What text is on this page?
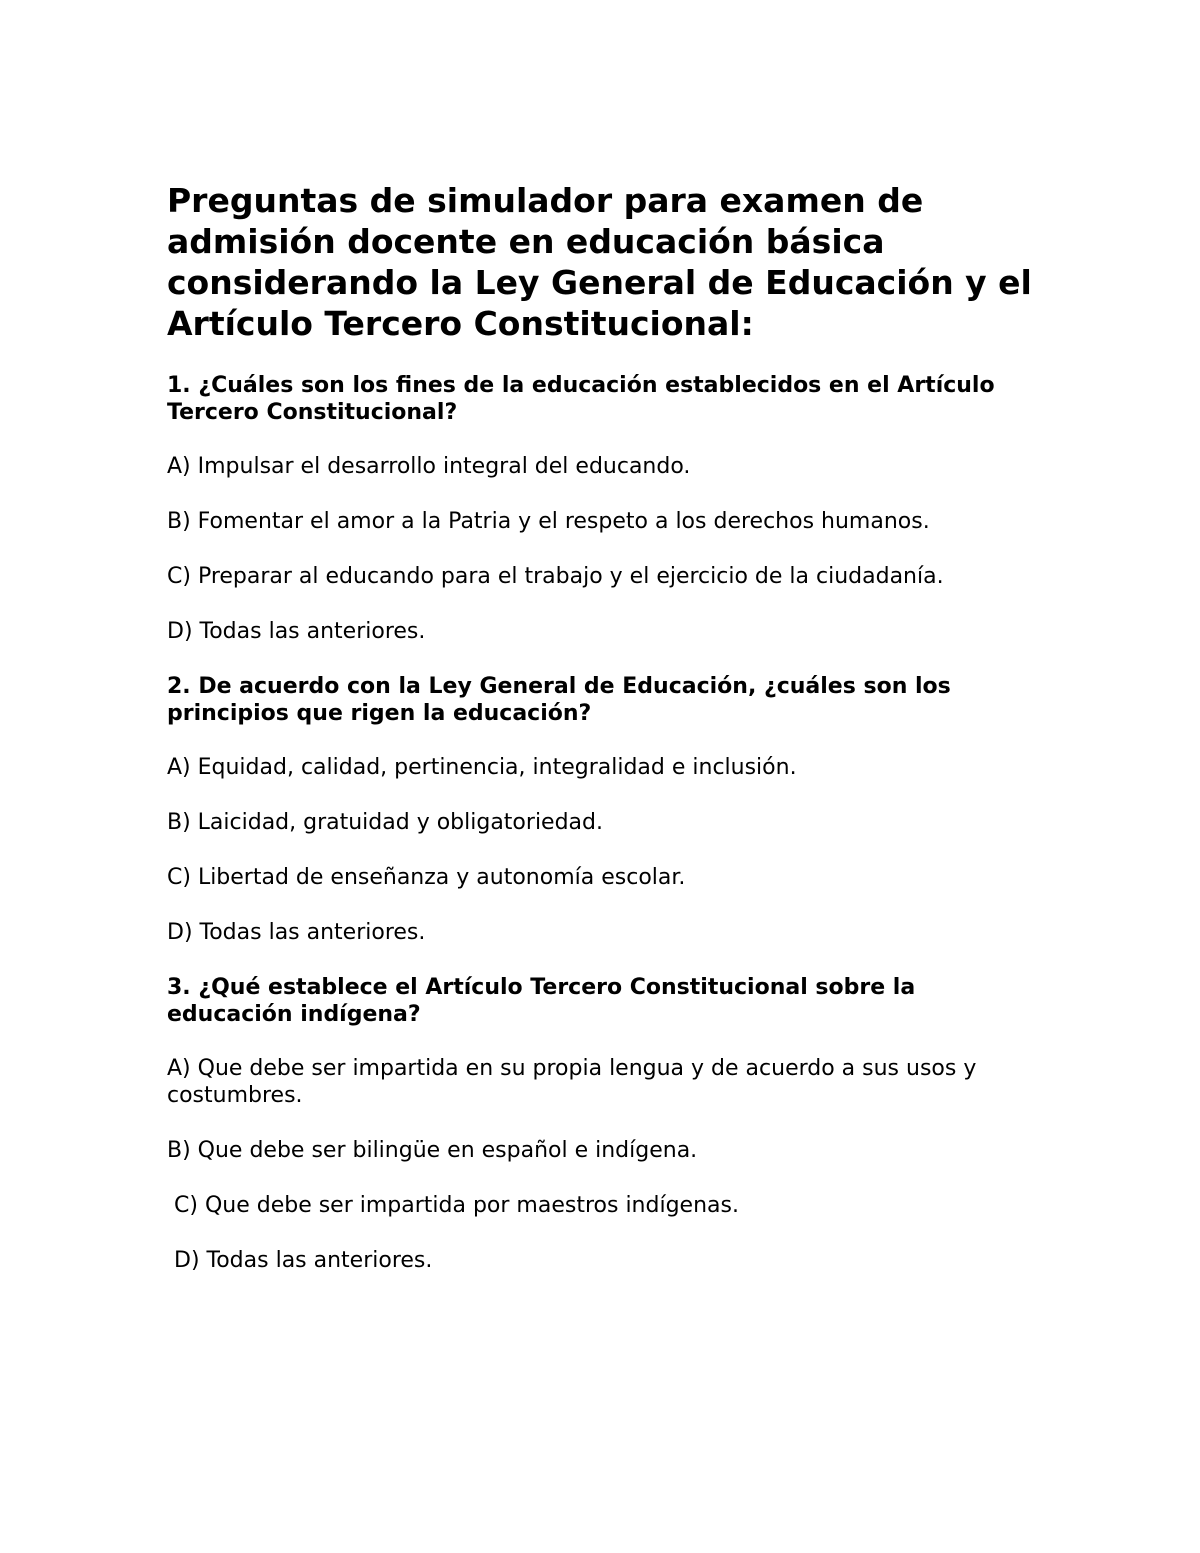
Preguntas de simulador para examen de admisión docente en educación básica considerando la Ley General de Educación y el Artículo Tercero Constitucional:

1. ¿Cuáles son los fines de la educación establecidos en el Artículo Tercero Constitucional?

A) Impulsar el desarrollo integral del educando.

B) Fomentar el amor a la Patria y el respeto a los derechos humanos.

C) Preparar al educando para el trabajo y el ejercicio de la ciudadanía.

D) Todas las anteriores.

2. De acuerdo con la Ley General de Educación, ¿cuáles son los principios que rigen la educación?

A) Equidad, calidad, pertinencia, integralidad e inclusión.

B) Laicidad, gratuidad y obligatoriedad.

C) Libertad de enseñanza y autonomía escolar.

D) Todas las anteriores.

3. ¿Qué establece el Artículo Tercero Constitucional sobre la educación indígena?

A) Que debe ser impartida en su propia lengua y de acuerdo a sus usos y costumbres.

B) Que debe ser bilingüe en español e indígena.

C) Que debe ser impartida por maestros indígenas.

D) Todas las anteriores.
